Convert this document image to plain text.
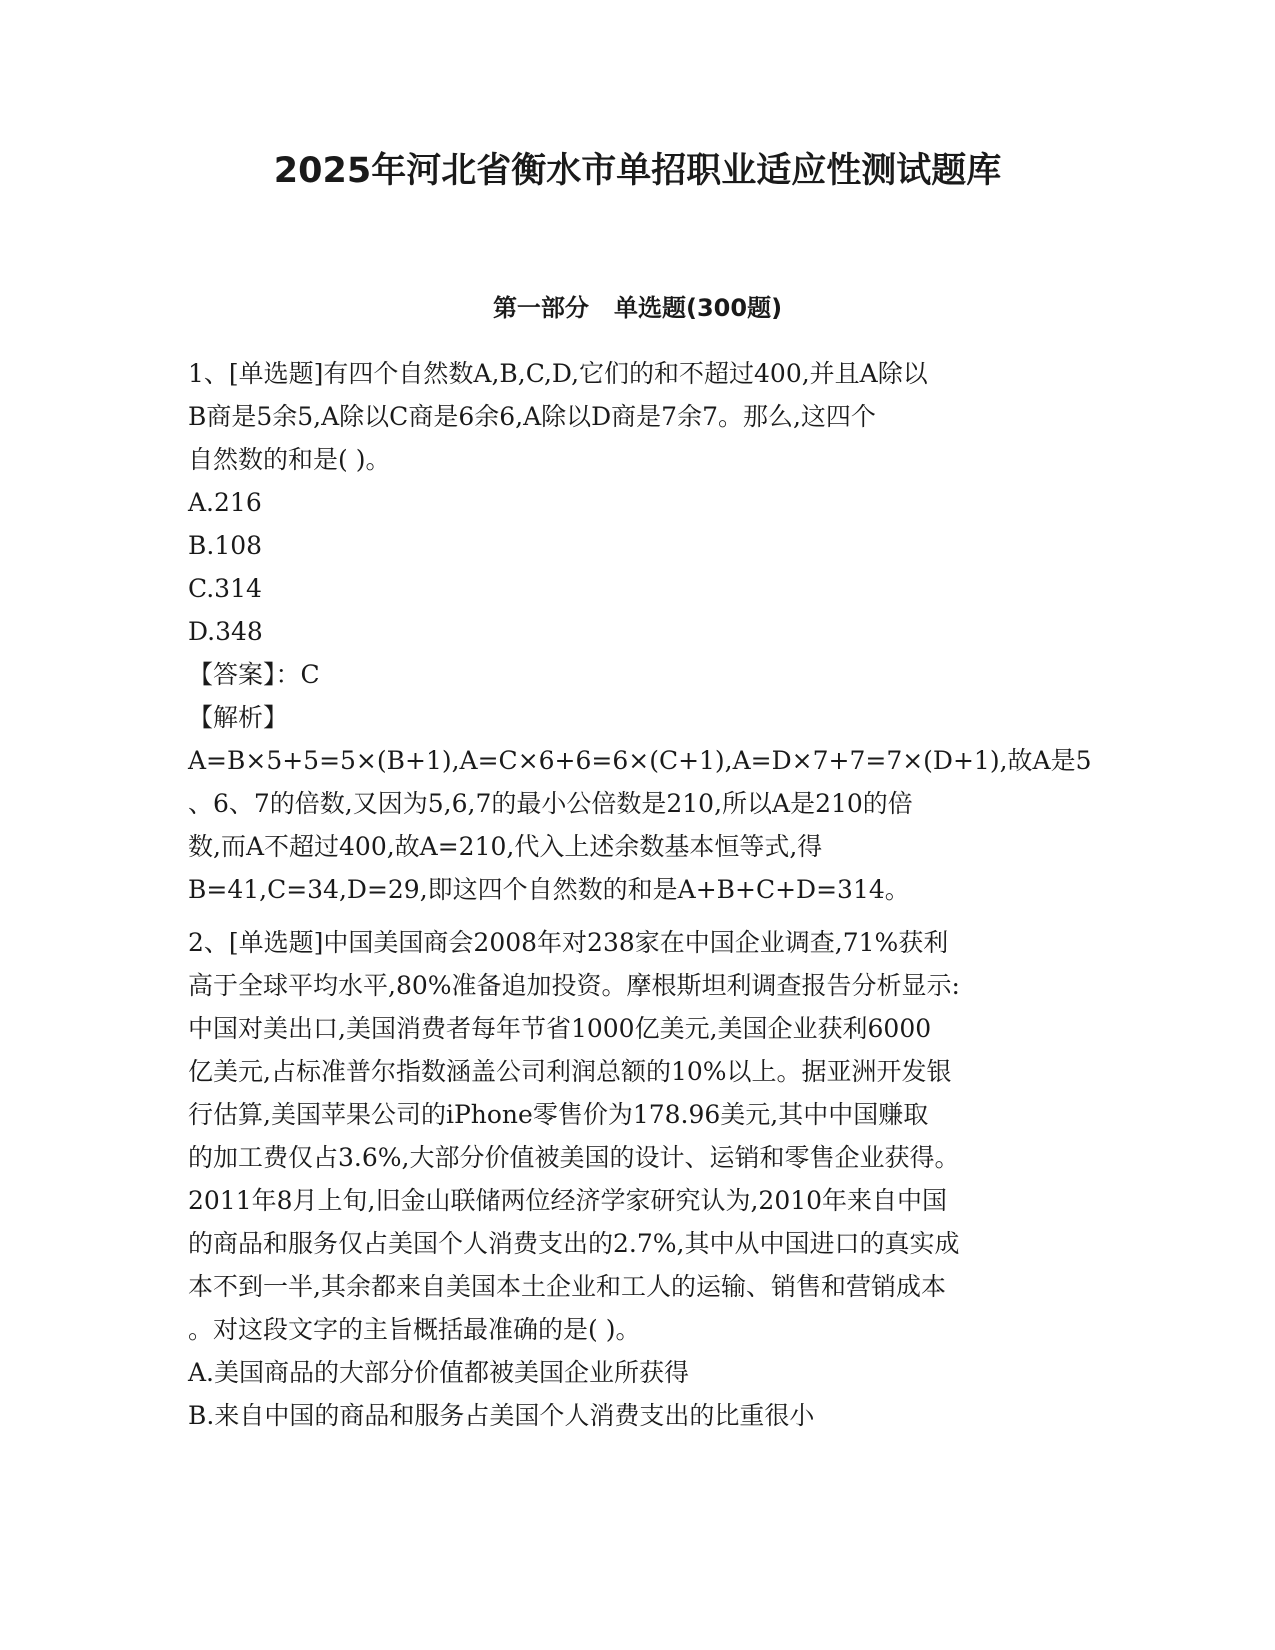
2025年河北省衡水市单招职业适应性测试题库
第一部分   单选题(300题)
1、[单选题]有四个自然数A,B,C,D,它们的和不超过400,并且A除以
B商是5余5,A除以C商是6余6,A除以D商是7余7。那么,这四个
自然数的和是( )。
A.216
B.108
C.314
D.348
【答案】：C
【解析】
A=B×5+5=5×(B+1),A=C×6+6=6×(C+1),A=D×7+7=7×(D+1),故A是5
、6、7的倍数,又因为5,6,7的最小公倍数是210,所以A是210的倍
数,而A不超过400,故A=210,代入上述余数基本恒等式,得
B=41,C=34,D=29,即这四个自然数的和是A+B+C+D=314。
2、[单选题]中国美国商会2008年对238家在中国企业调查,71%获利
高于全球平均水平,80%准备追加投资。摩根斯坦利调查报告分析显示:
中国对美出口,美国消费者每年节省1000亿美元,美国企业获利6000
亿美元,占标准普尔指数涵盖公司利润总额的10%以上。据亚洲开发银
行估算,美国苹果公司的iPhone零售价为178.96美元,其中中国赚取
的加工费仅占3.6%,大部分价值被美国的设计、运销和零售企业获得。
2011年8月上旬,旧金山联储两位经济学家研究认为,2010年来自中国
的商品和服务仅占美国个人消费支出的2.7%,其中从中国进口的真实成
本不到一半,其余都来自美国本土企业和工人的运输、销售和营销成本
。对这段文字的主旨概括最准确的是( )。
A.美国商品的大部分价值都被美国企业所获得
B.来自中国的商品和服务占美国个人消费支出的比重很小
